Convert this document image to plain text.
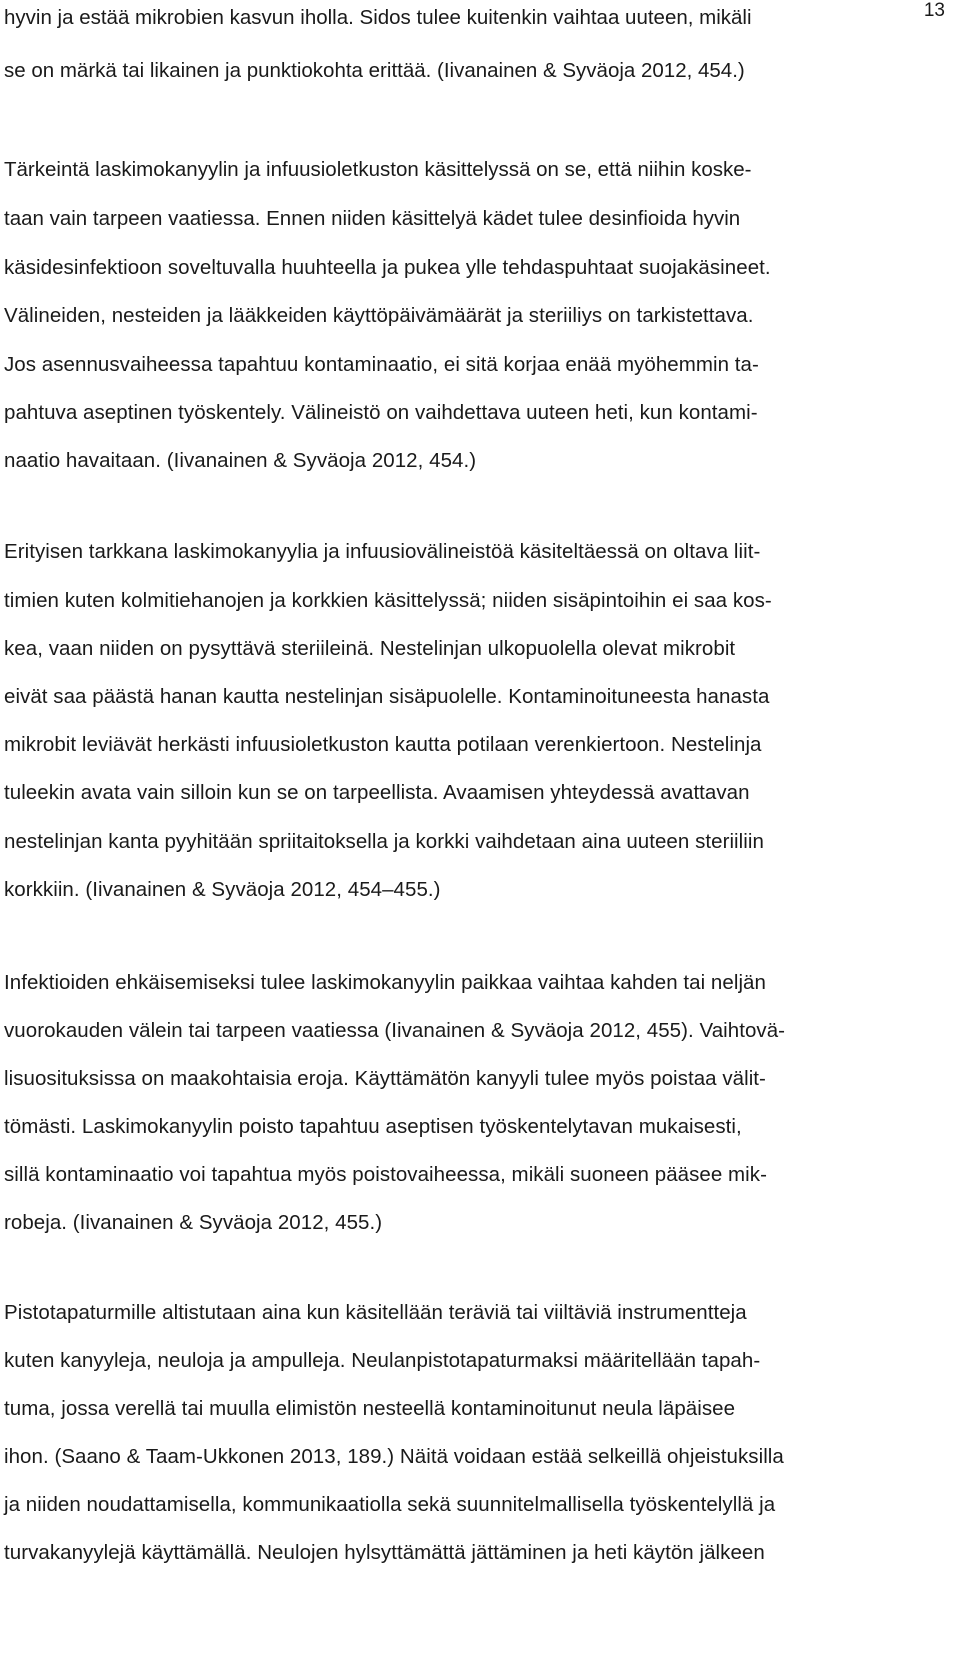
13
hyvin ja estää mikrobien kasvun iholla. Sidos tulee kuitenkin vaihtaa uuteen, mikäli
se on märkä tai likainen ja punktiokohta erittää. (Iivanainen & Syväoja 2012, 454.)
Tärkeintä laskimokanyylin ja infuusioletkuston käsittelyssä on se, että niihin koske-
taan vain tarpeen vaatiessa. Ennen niiden käsittelyä kädet tulee desinfioida hyvin
käsidesinfektioon soveltuvalla huuhteella ja pukea ylle tehdaspuhtaat suojakäsineet.
Välineiden, nesteiden ja lääkkeiden käyttöpäivämäärät ja steriiliys on tarkistettava.
Jos asennusvaiheessa tapahtuu kontaminaatio, ei sitä korjaa enää myöhemmin ta-
pahtuva aseptinen työskentely. Välineistö on vaihdettava uuteen heti, kun kontami-
naatio havaitaan. (Iivanainen & Syväoja 2012, 454.)
Erityisen tarkkana laskimokanyylia ja infuusiovälineistöä käsiteltäessä on oltava liit-
timien kuten kolmitiehanojen ja korkkien käsittelyssä; niiden sisäpintoihin ei saa kos-
kea, vaan niiden on pysyttävä steriileinä. Nestelinjan ulkopuolella olevat mikrobit
eivät saa päästä hanan kautta nestelinjan sisäpuolelle. Kontaminoituneesta hanasta
mikrobit leviävät herkästi infuusioletkuston kautta potilaan verenkiertoon. Nestelinja
tuleekin avata vain silloin kun se on tarpeellista. Avaamisen yhteydessä avattavan
nestelinjan kanta pyyhitään spriitaitoksella ja korkki vaihdetaan aina uuteen steriiliin
korkkiin. (Iivanainen & Syväoja 2012, 454–455.)
Infektioiden ehkäisemiseksi tulee laskimokanyylin paikkaa vaihtaa kahden tai neljän
vuorokauden välein tai tarpeen vaatiessa (Iivanainen & Syväoja 2012, 455). Vaihtovä-
lisuosituksissa on maakohtaisia eroja. Käyttämätön kanyyli tulee myös poistaa välit-
tömästi. Laskimokanyylin poisto tapahtuu aseptisen työskentelytavan mukaisesti,
sillä kontaminaatio voi tapahtua myös poistovaiheessa, mikäli suoneen pääsee mik-
robeja. (Iivanainen & Syväoja 2012, 455.)
Pistotapaturmille altistutaan aina kun käsitellään teräviä tai viiltäviä instrumentteja
kuten kanyyleja, neuloja ja ampulleja. Neulanpistotapaturmaksi määritellään tapah-
tuma, jossa verellä tai muulla elimistön nesteellä kontaminoitunut neula läpäisee
ihon. (Saano & Taam-Ukkonen 2013, 189.) Näitä voidaan estää selkeillä ohjeistuksilla
ja niiden noudattamisella, kommunikaatiolla sekä suunnitelmallisella työskentelyllä ja
turvakanyylejä käyttämällä. Neulojen hylsyttämättä jättäminen ja heti käytön jälkeen
